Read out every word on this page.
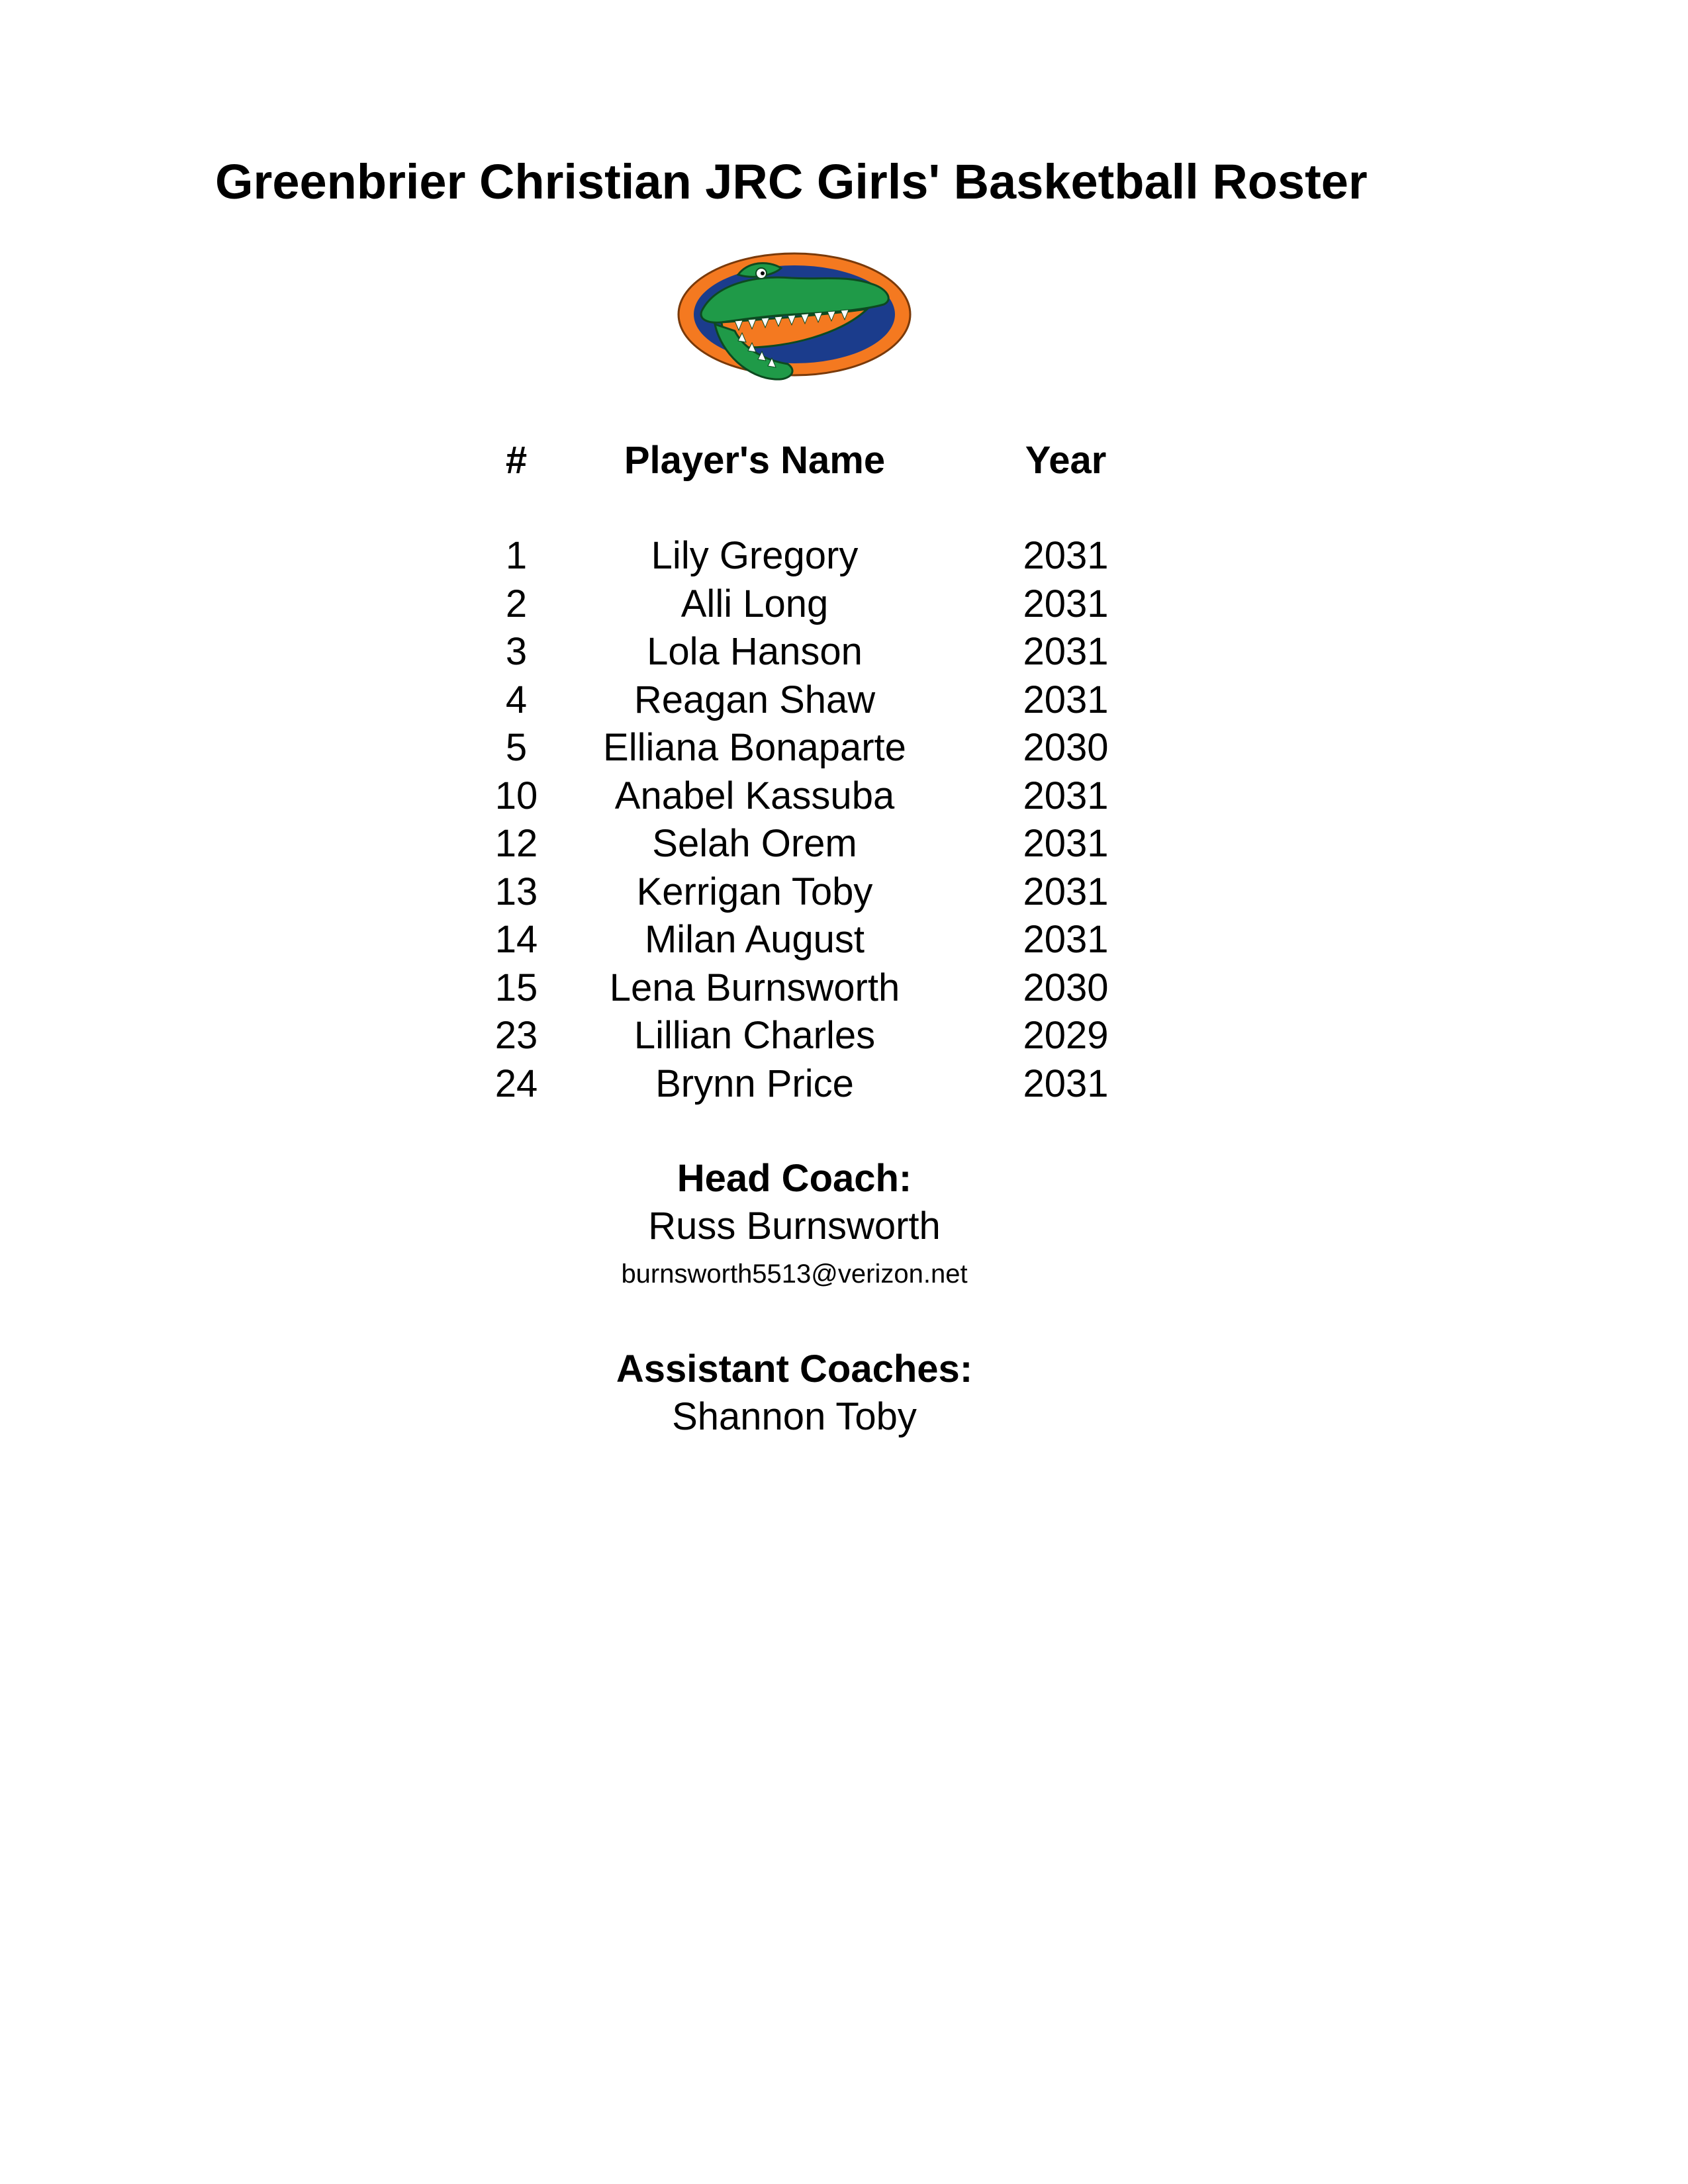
Greenbrier Christian JRC Girls' Basketball Roster
#	Player's Name	Year
1	Lily Gregory	2031
2	Alli Long	2031
3	Lola Hanson	2031
4	Reagan Shaw	2031
5	Elliana Bonaparte	2030
10	Anabel Kassuba	2031
12	Selah Orem	2031
13	Kerrigan Toby	2031
14	Milan August	2031
15	Lena Burnsworth	2030
23	Lillian Charles	2029
24	Brynn Price	2031
Head Coach:
Russ Burnsworth
burnsworth5513@verizon.net
Assistant Coaches:
Shannon Toby
